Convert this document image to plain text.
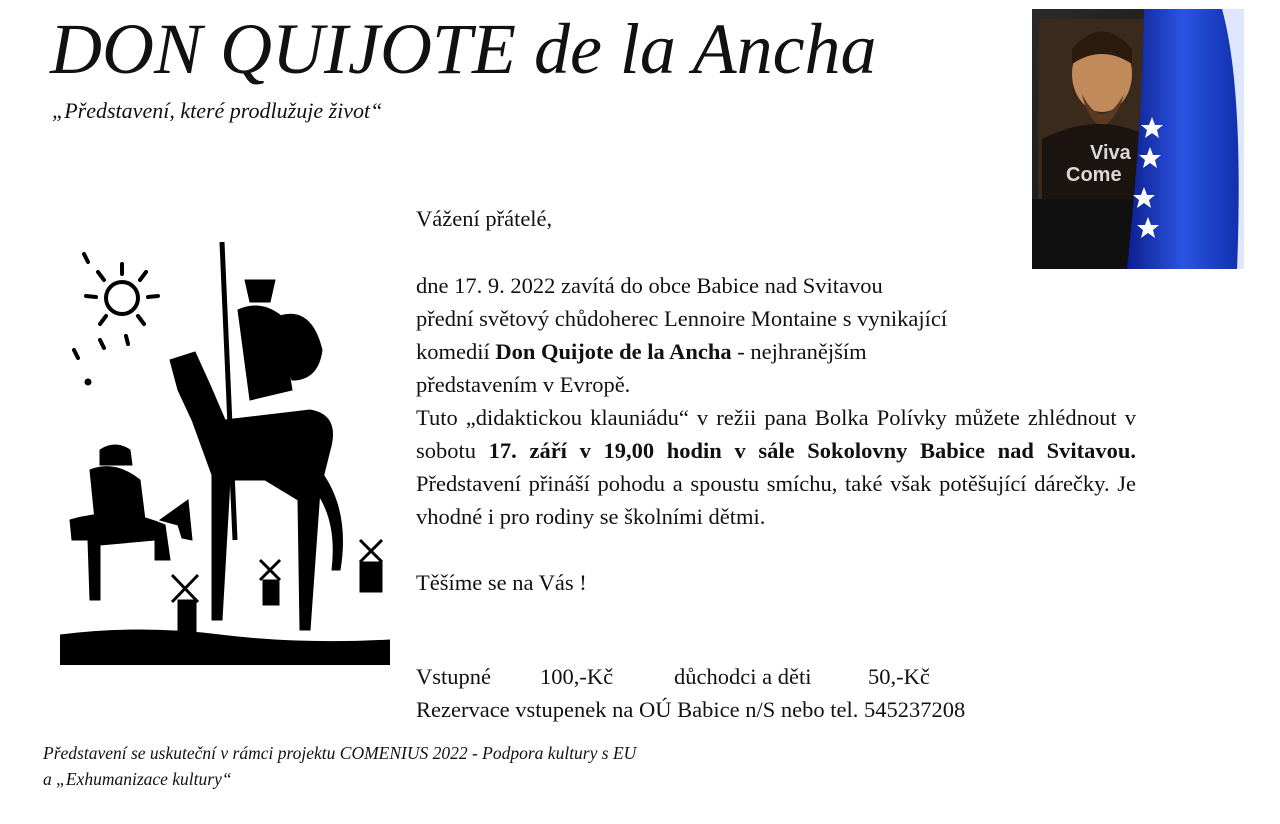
DON QUIJOTE de la Ancha
„Představení, které prodlužuje život“
Viva
Come

Vážení přátelé,

dne 17. 9. 2022 zavítá do obce Babice nad Svitavou

přední světový chůdoherec Lennoire Montaine s vynikající

komedií Don Quijote de la Ancha - nejhranějším

představením v Evropě.

Tuto „didaktickou klauniádu“ v režii pana Bolka Polívky můžete zhlédnout v sobotu 17. září v 19,00 hodin v sále Sokolovny Babice nad Svitavou. Představení přináší pohodu a spoustu smíchu, také však potěšující dárečky. Je vhodné i pro rodiny se školními dětmi.

Těšíme se na Vás !

Vstupné 100,-Kč	důchodci a děti	50,-Kč
Rezervace vstupenek na OÚ Babice n/S nebo tel. 545237208
Představení se uskuteční v rámci projektu COMENIUS 2022 - Podpora kultury s EU
a „Exhumanizace kultury“
